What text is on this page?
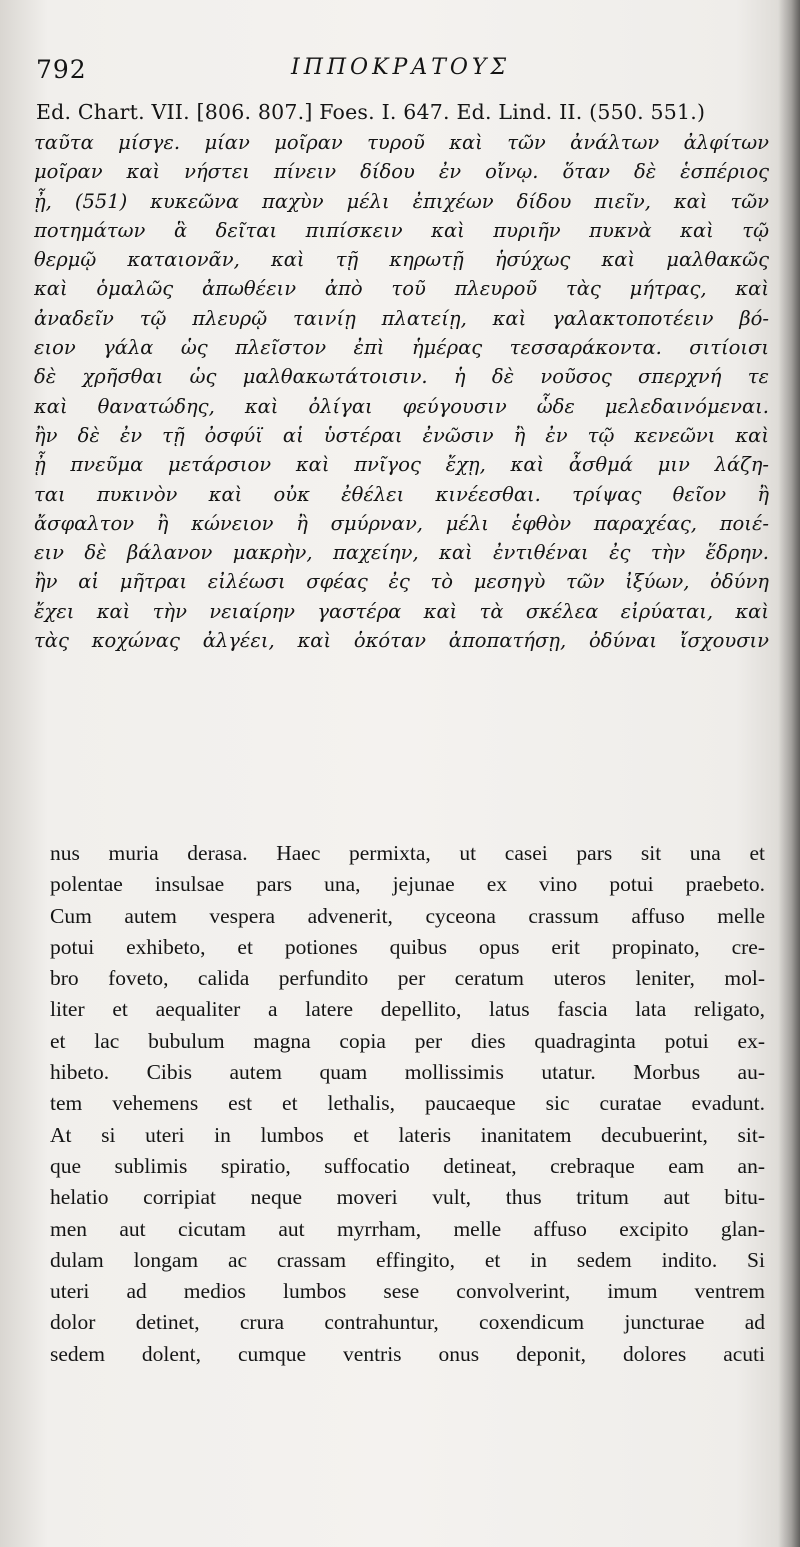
792	ΙΠΠΟΚΡΑΤΟΥΣ
Ed. Chart. VII. [806. 807.] Foes. I. 647. Ed. Lind. II. (550. 551.)
ταῦτα μίσγε. μίαν μοῖραν τυροῦ καὶ τῶν ἀνάλτων ἀλφίτων
μοῖραν καὶ νήστει πίνειν δίδου ἐν οἴνῳ. ὅταν δὲ ἑσπέριος
ᾖ, (551) κυκεῶνα παχὺν μέλι ἐπιχέων δίδου πιεῖν, καὶ τῶν
ποτημάτων ἃ δεῖται πιπίσκειν καὶ πυριῆν πυκνὰ καὶ τῷ
θερμῷ καταιονᾶν, καὶ τῇ κηρωτῇ ἡσύχως καὶ μαλθακῶς
καὶ ὁμαλῶς ἀπωθέειν ἀπὸ τοῦ πλευροῦ τὰς μήτρας, καὶ
ἀναδεῖν τῷ πλευρῷ ταινίῃ πλατείῃ, καὶ γαλακτοποτέειν βό-
ειον γάλα ὡς πλεῖστον ἐπὶ ἡμέρας τεσσαράκοντα. σιτίοισι
δὲ χρῆσθαι ὡς μαλθακωτάτοισιν. ἡ δὲ νοῦσος σπερχνή τε
καὶ θανατώδης, καὶ ὀλίγαι φεύγουσιν ὧδε μελεδαινόμεναι.
ἢν δὲ ἐν τῇ ὀσφύϊ αἱ ὑστέραι ἐνῶσιν ἢ ἐν τῷ κενεῶνι καὶ
ᾖ πνεῦμα μετάρσιον καὶ πνῖγος ἔχῃ, καὶ ἆσθμά μιν λάζη-
ται πυκινὸν καὶ οὐκ ἐθέλει κινέεσθαι. τρίψας θεῖον ἢ
ἄσφαλτον ἢ κώνειον ἢ σμύρναν, μέλι ἑφθὸν παραχέας, ποιέ-
ειν δὲ βάλανον μακρὴν, παχείην, καὶ ἐντιθέναι ἐς τὴν ἕδρην.
ἢν αἱ μῆτραι εἰλέωσι σφέας ἐς τὸ μεσηγὺ τῶν ἰξύων, ὀδύνη
ἔχει καὶ τὴν νειαίρην γαστέρα καὶ τὰ σκέλεα εἰρύαται, καὶ
τὰς κοχώνας ἀλγέει, καὶ ὁκόταν ἀποπατήσῃ, ὀδύναι ἴσχουσιν
nus muria derasa. Haec permixta, ut casei pars sit una et
polentae insulsae pars una, jejunae ex vino potui praebeto.
Cum autem vespera advenerit, cyceona crassum affuso melle
potui exhibeto, et potiones quibus opus erit propinato, cre-
bro foveto, calida perfundito per ceratum uteros leniter, mol-
liter et aequaliter a latere depellito, latus fascia lata religato,
et lac bubulum magna copia per dies quadraginta potui ex-
hibeto. Cibis autem quam mollissimis utatur. Morbus au-
tem vehemens est et lethalis, paucaeque sic curatae evadunt.
At si uteri in lumbos et lateris inanitatem decubuerint, sit-
que sublimis spiratio, suffocatio detineat, crebraque eam an-
helatio corripiat neque moveri vult, thus tritum aut bitu-
men aut cicutam aut myrrham, melle affuso excipito glan-
dulam longam ac crassam effingito, et in sedem indito. Si
uteri ad medios lumbos sese convolverint, imum ventrem
dolor detinet, crura contrahuntur, coxendicum juncturae ad
sedem dolent, cumque ventris onus deponit, dolores acuti
